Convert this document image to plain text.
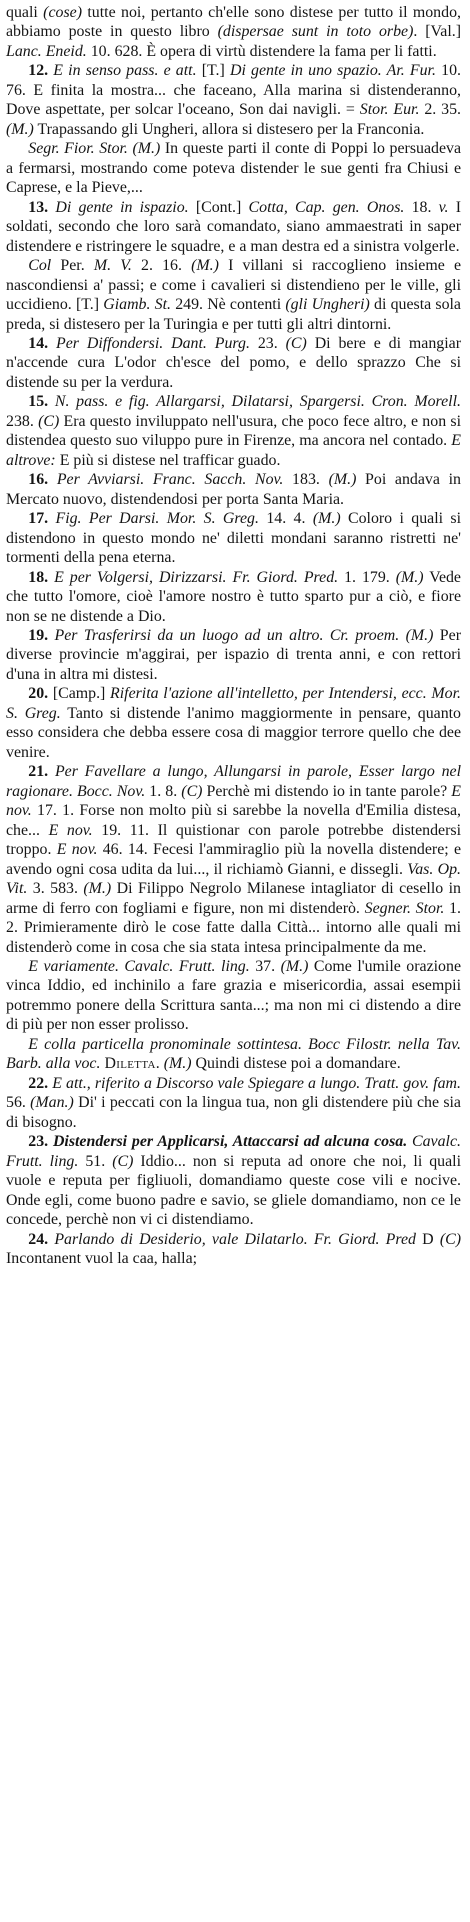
quali (cose) tutte noi, pertanto ch'elle sono distese per tutto il mondo, abbiamo poste in questo libro (dispersae sunt in toto orbe). [Val.] Lanc. Eneid. 10. 628. È opera di virtù distendere la fama per li fatti.

12. E in senso pass. e att. [T.] Di gente in uno spazio. Ar. Fur. 10. 76. E finita la mostra... che faceano, Alla marina si distenderanno, Dove aspettate, per solcar l'oceano, Son dai navigli. = Stor. Eur. 2. 35. (M.) Trapassando gli Ungheri, allora si distesero per la Franconia.

Segr. Fior. Stor. (M.) In queste parti il conte di Poppi lo persuadeva a fermarsi, mostrando come poteva distender le sue genti fra Chiusi e Caprese, e la Pieve,...

13. Di gente in ispazio. [Cont.] Cotta, Cap. gen. Onos. 18. v. I soldati, secondo che loro sarà comandato, siano ammaestrati in saper distendere e ristringere le squadre, e a man destra ed a sinistra volgerle.

Col Per. M. V. 2. 16. (M.) I villani si raccoglieno insieme e nascondiensi a' passi; e come i cavalieri si distendieno per le ville, gli uccidieno. [T.] Giamb. St. 249. Nè contenti (gli Ungheri) di questa sola preda, si distesero per la Turingia e per tutti gli altri dintorni.

14. Per Diffondersi. Dant. Purg. 23. (C) Di bere e di mangiar n'accende cura L'odor ch'esce del pomo, e dello sprazzo Che si distende su per la verdura.

15. N. pass. e fig. Allargarsi, Dilatarsi, Spargersi. Cron. Morell. 238. (C) Era questo inviluppato nell'usura, che poco fece altro, e non si distendea questo suo viluppo pure in Firenze, ma ancora nel contado. E altrove: E più si distese nel trafficar guado.

16. Per Avviarsi. Franc. Sacch. Nov. 183. (M.) Poi andava in Mercato nuovo, distendendosi per porta Santa Maria.

17. Fig. Per Darsi. Mor. S. Greg. 14. 4. (M.) Coloro i quali si distendono in questo mondo ne' diletti mondani saranno ristretti ne' tormenti della pena eterna.

18. E per Volgersi, Dirizzarsi. Fr. Giord. Pred. 1. 179. (M.) Vede che tutto l'omore, cioè l'amore nostro è tutto sparto pur a ciò, e fiore non se ne distende a Dio.

19. Per Trasferirsi da un luogo ad un altro. Cr. proem. (M.) Per diverse provincie m'aggirai, per ispazio di trenta anni, e con rettori d'una in altra mi distesi.

20. [Camp.] Riferita l'azione all'intelletto, per Intendersi, ecc. Mor. S. Greg. Tanto si distende l'animo maggiormente in pensare, quanto esso considera che debba essere cosa di maggior terrore quello che dee venire.

21. Per Favellare a lungo, Allungarsi in parole, Esser largo nel ragionare. Bocc. Nov. 1. 8. (C) Perchè mi distendo io in tante parole? E nov. 17. 1. Forse non molto più si sarebbe la novella d'Emilia distesa, che... E nov. 19. 11. Il quistionar con parole potrebbe distendersi troppo. E nov. 46. 14. Fecesi l'ammiraglio più la novella distendere; e avendo ogni cosa udita da lui..., il richiamò Gianni, e dissegli. Vas. Op. Vit. 3. 583. (M.) Di Filippo Negrolo Milanese intagliator di cesello in arme di ferro con fogliami e figure, non mi distenderò. Segner. Stor. 1. 2. Primieramente dirò le cose fatte dalla Città... intorno alle quali mi distenderò come in cosa che sia stata intesa principalmente da me.

E variamente. Cavalc. Frutt. ling. 37. (M.) Come l'umile orazione vinca Iddio, ed inchinilo a fare grazia e misericordia, assai esempii potremmo ponere della Scrittura santa...; ma non mi ci distendo a dire di più per non esser prolisso.

E colla particella pronominale sottintesa. Bocc Filostr. nella Tav. Barb. alla voc. Diletta. (M.) Quindi distese poi a domandare.

22. E att., riferito a Discorso vale Spiegare a lungo. Tratt. gov. fam. 56. (Man.) Di' i peccati con la lingua tua, non gli distendere più che sia di bisogno.

23. Distendersi per Applicarsi, Attaccarsi ad alcuna cosa. Cavalc. Frutt. ling. 51. (C) Iddio... non si reputa ad onore che noi, li quali vuole e reputa per figliuoli, domandiamo queste cose vili e nocive. Onde egli, come buono padre e savio, se gliele domandiamo, non ce le concede, perchè non vi ci distendiamo.

24. Parlando di Desiderio, vale Dilatarlo. Fr. Giord. Pred D (C) Incontanent vuol la caa, halla;
